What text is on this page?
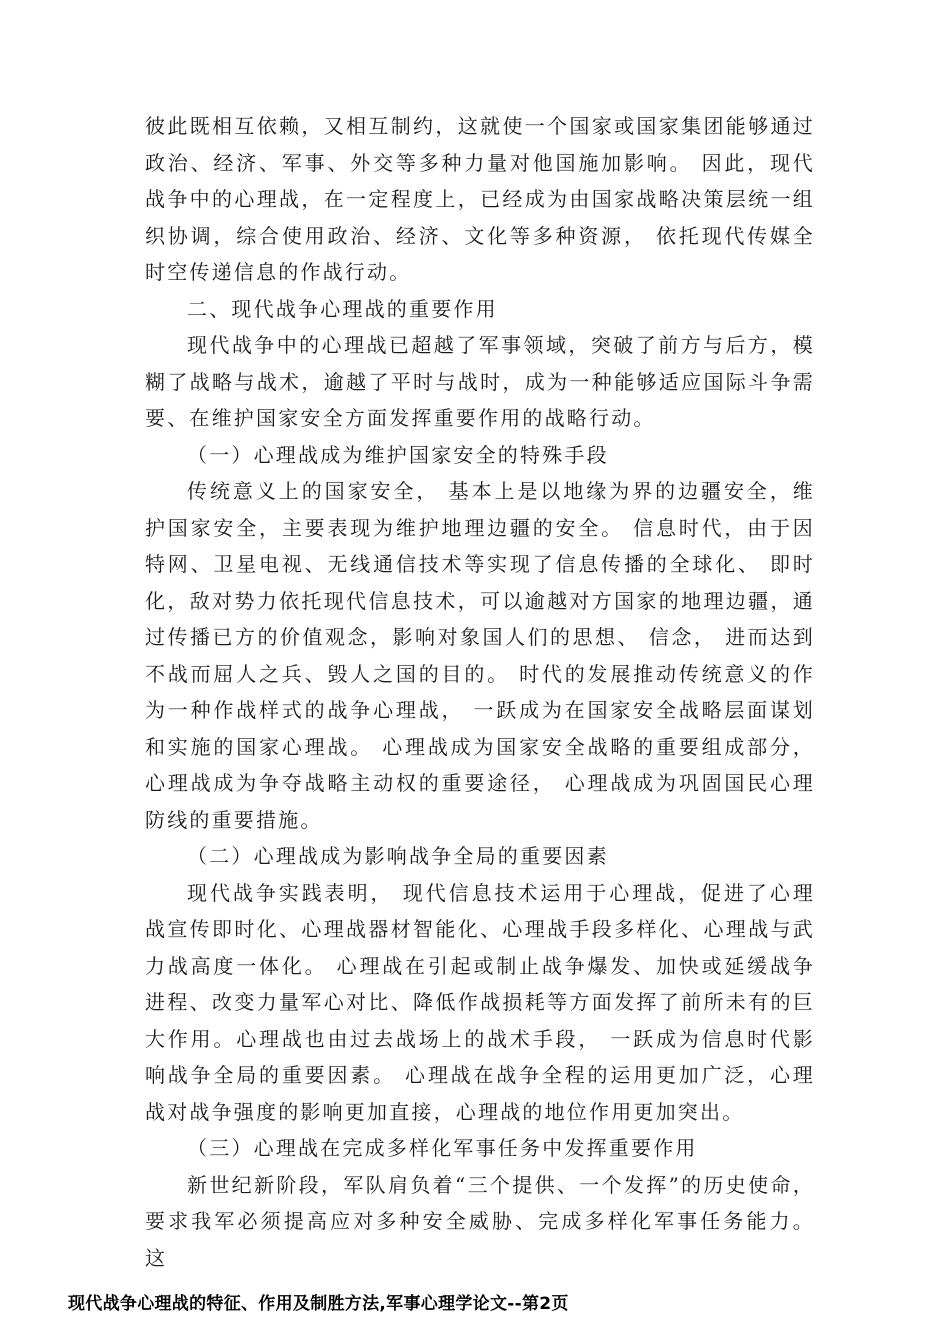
彼此既相互依赖，又相互制约，这就使一个国家或国家集团能够通过政治、经济、军事、外交等多种力量对他国施加影响。 因此，现代战争中的心理战，在一定程度上，已经成为由国家战略决策层统一组织协调，综合使用政治、经济、文化等多种资源， 依托现代传媒全时空传递信息的作战行动。

二、现代战争心理战的重要作用

现代战争中的心理战已超越了军事领域，突破了前方与后方，模糊了战略与战术，逾越了平时与战时，成为一种能够适应国际斗争需要、在维护国家安全方面发挥重要作用的战略行动。

（一）心理战成为维护国家安全的特殊手段

传统意义上的国家安全， 基本上是以地缘为界的边疆安全，维护国家安全，主要表现为维护地理边疆的安全。 信息时代，由于因特网、卫星电视、无线通信技术等实现了信息传播的全球化、 即时化，敌对势力依托现代信息技术，可以逾越对方国家的地理边疆，通过传播已方的价值观念，影响对象国人们的思想、 信念， 进而达到不战而屈人之兵、毁人之国的目的。 时代的发展推动传统意义的作为一种作战样式的战争心理战， 一跃成为在国家安全战略层面谋划和实施的国家心理战。 心理战成为国家安全战略的重要组成部分， 心理战成为争夺战略主动权的重要途径， 心理战成为巩固国民心理防线的重要措施。

（二）心理战成为影响战争全局的重要因素

现代战争实践表明， 现代信息技术运用于心理战，促进了心理战宣传即时化、心理战器材智能化、心理战手段多样化、心理战与武力战高度一体化。 心理战在引起或制止战争爆发、加快或延缓战争进程、改变力量军心对比、降低作战损耗等方面发挥了前所未有的巨大作用。心理战也由过去战场上的战术手段， 一跃成为信息时代影响战争全局的重要因素。 心理战在战争全程的运用更加广泛，心理战对战争强度的影响更加直接，心理战的地位作用更加突出。

（三）心理战在完成多样化军事任务中发挥重要作用

新世纪新阶段，军队肩负着“三个提供、一个发挥”的历史使命，要求我军必须提高应对多种安全威胁、完成多样化军事任务能力。 这

现代战争心理战的特征、作用及制胜方法,军事心理学论文--第2页
